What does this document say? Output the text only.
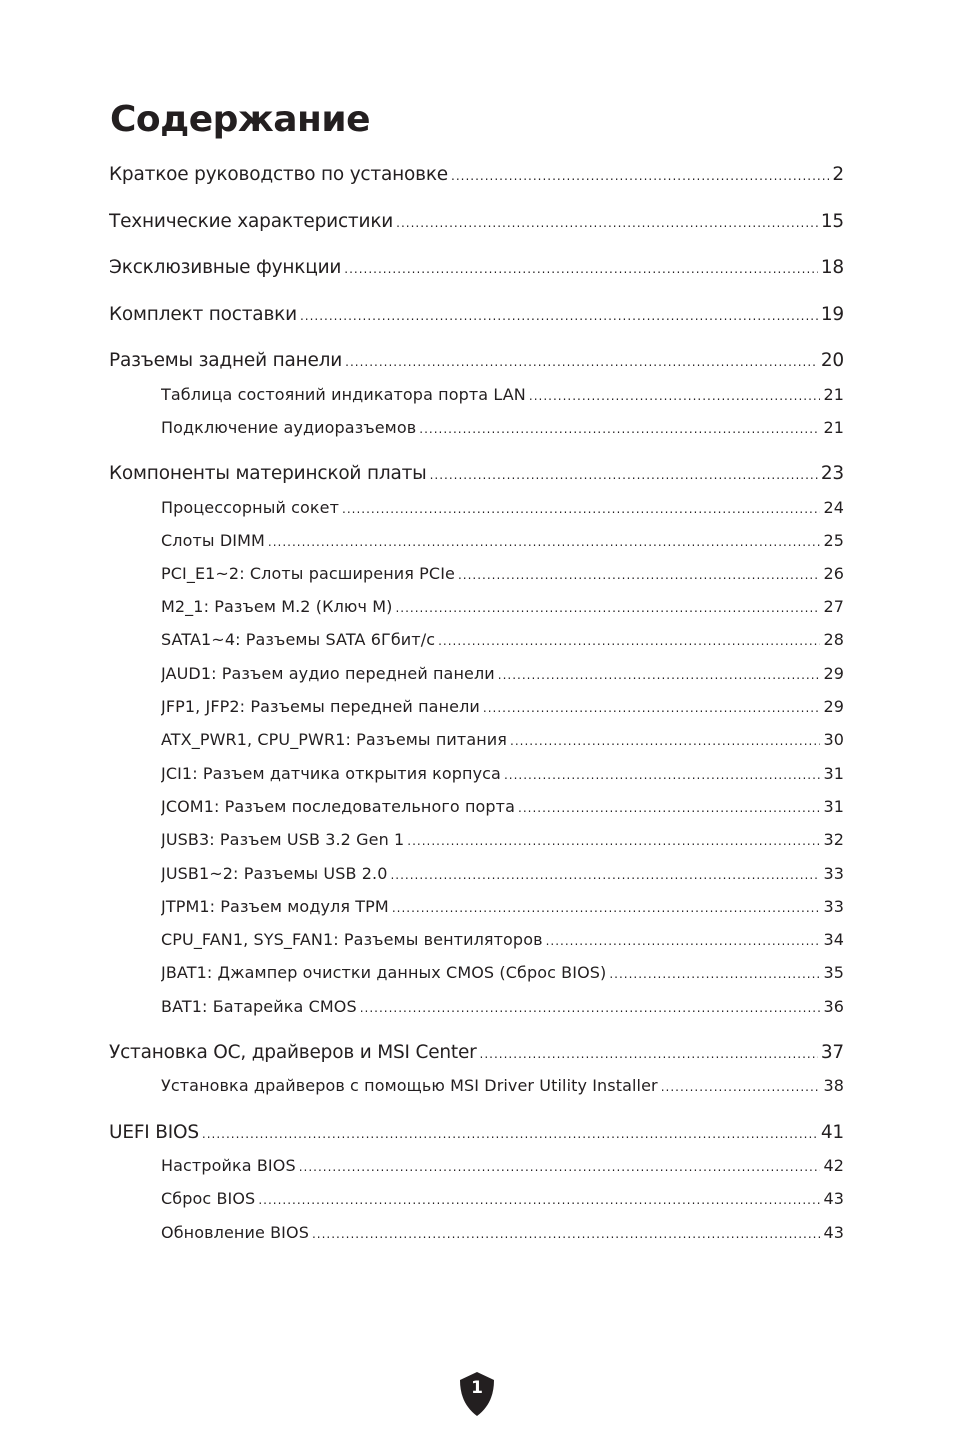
Содержание
Краткое руководство по установке .....	2
Технические характеристики .....	15
Эксклюзивные функции .....	18
Комплект поставки .....	19
Разъемы задней панели .....	20
Таблица состояний индикатора порта LAN .....	21
Подключение аудиоразъемов .....	21
Компоненты материнской платы .....	23
Процессорный сокет .....	24
Слоты DIMM .....	25
PCI_E1~2: Слоты расширения PCIe .....	26
M2_1: Разъем M.2 (Ключ M) .....	27
SATA1~4: Разъемы SATA 6Гбит/с .....	28
JAUD1: Разъем аудио передней панели .....	29
JFP1, JFP2: Разъемы передней панели .....	29
ATX_PWR1, CPU_PWR1: Разъемы питания .....	30
JCI1: Разъем датчика открытия корпуса .....	31
JCOM1: Разъем последовательного порта .....	31
JUSB3: Разъем USB 3.2 Gen 1 .....	32
JUSB1~2: Разъемы USB 2.0 .....	33
JTPM1: Разъем модуля TPM .....	33
CPU_FAN1, SYS_FAN1: Разъемы вентиляторов .....	34
JBAT1: Джампер очистки данных CMOS (Сброс BIOS) .....	35
BAT1: Батарейка CMOS .....	36
Установка ОС, драйверов и MSI Center .....	37
Установка драйверов с помощью MSI Driver Utility Installer .....	38
UEFI BIOS .....	41
Настройка BIOS .....	42
Сброс BIOS .....	43
Обновление BIOS .....	43
1
